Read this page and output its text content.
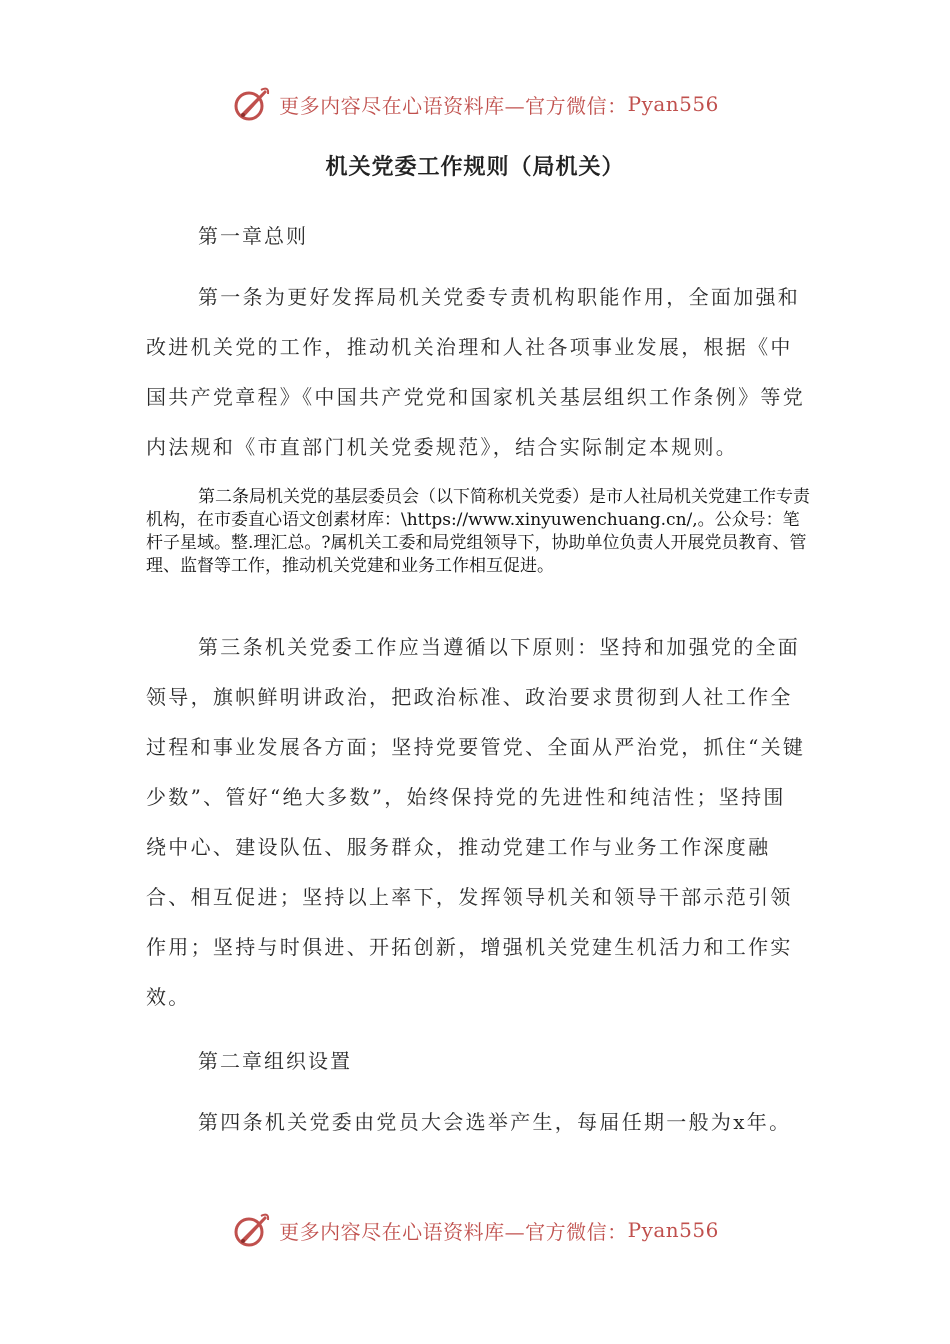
更多内容尽在心语资料库—官方微信： Pyan556
机关党委工作规则（局机关）
第一章总则

第一条为更好发挥局机关党委专责机构职能作用，全面加强和改进机关党的工作，推动机关治理和人社各项事业发展，根据《中国共产党章程》《中国共产党党和国家机关基层组织工作条例》等党内法规和《市直部门机关党委规范》，结合实际制定本规则。

第二条局机关党的基层委员会（以下简称机关党委）是市人社局机关党建工作专责机构，在市委直心语文创素材库：\https://www.xinyuwenchuang.cn/,。公众号：笔杆子星域。整.理汇总。?属机关工委和局党组领导下，协助单位负责人开展党员教育、管理、监督等工作，推动机关党建和业务工作相互促进。

第三条机关党委工作应当遵循以下原则：坚持和加强党的全面领导，旗帜鲜明讲政治，把政治标准、政治要求贯彻到人社工作全过程和事业发展各方面；坚持党要管党、全面从严治党，抓住“关键少数”、管好“绝大多数”，始终保持党的先进性和纯洁性；坚持围绕中心、建设队伍、服务群众，推动党建工作与业务工作深度融合、相互促进；坚持以上率下，发挥领导机关和领导干部示范引领作用；坚持与时俱进、开拓创新，增强机关党建生机活力和工作实效。

第二章组织设置

第四条机关党委由党员大会选举产生，每届任期一般为x年。

更多内容尽在心语资料库—官方微信： Pyan556
